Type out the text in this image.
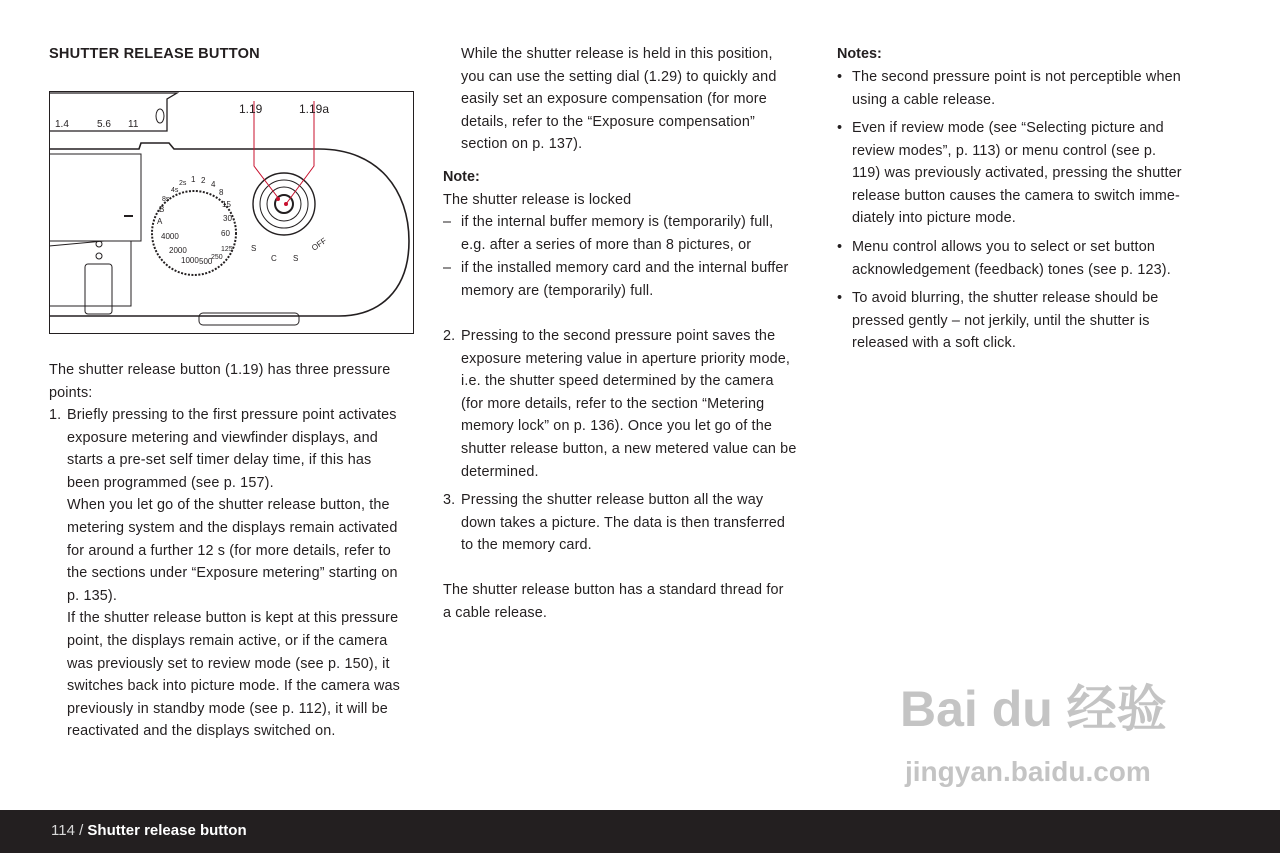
SHUTTER RELEASE BUTTON
1.19	1.19a
1.4	5.6 11
A
4000
2000
1000 500
250
125
60
30
15
8
4
2
1
2s
4s
8s
B
S
C S
OFF
The shutter release button (1.19) has three pressure
points:
1. Briefly pressing to the first pressure point activates
exposure metering and viewfinder displays, and
starts a pre-set self timer delay time, if this has
been programmed (see p. 157).
When you let go of the shutter release button, the
metering system and the displays remain activated
for around a further 12 s (for more details, refer to
the sections under “Exposure metering” starting on
p. 135).
If the shutter release button is kept at this pressure
point, the displays remain active, or if the camera
was previously set to review mode (see p. 150), it
switches back into picture mode. If the camera was
previously in standby mode (see p. 112), it will be
reactivated and the displays switched on.
While the shutter release is held in this position,
you can use the setting dial (1.29) to quickly and
easily set an exposure compensation (for more
details, refer to the “Exposure compensation”
section on p. 137).
Note:
The shutter release is locked
– if the internal buffer memory is (temporarily) full,
e.g. after a series of more than 8 pictures, or
– if the installed memory card and the internal buffer
memory are (temporarily) full.
2. Pressing to the second pressure point saves the
exposure metering value in aperture priority mode,
i.e. the shutter speed determined by the camera
(for more details, refer to the section “Metering
memory lock” on p. 136). Once you let go of the
shutter release button, a new metered value can be
determined.
3. Pressing the shutter release button all the way
down takes a picture. The data is then transferred
to the memory card.
The shutter release button has a standard thread for
a cable release.
Notes:
• The second pressure point is not perceptible when
using a cable release.
• Even if review mode (see “Selecting picture and
review modes”, p. 113) or menu control (see p.
119) was previously activated, pressing the shutter
release button causes the camera to switch imme-
diately into picture mode.
• Menu control allows you to select or set button
acknowledgement (feedback) tones (see p. 123).
• To avoid blurring, the shutter release should be
pressed gently – not jerkily, until the shutter is
released with a soft click.
Bai du 经验
jingyan.baidu.com
114 / Shutter release button
